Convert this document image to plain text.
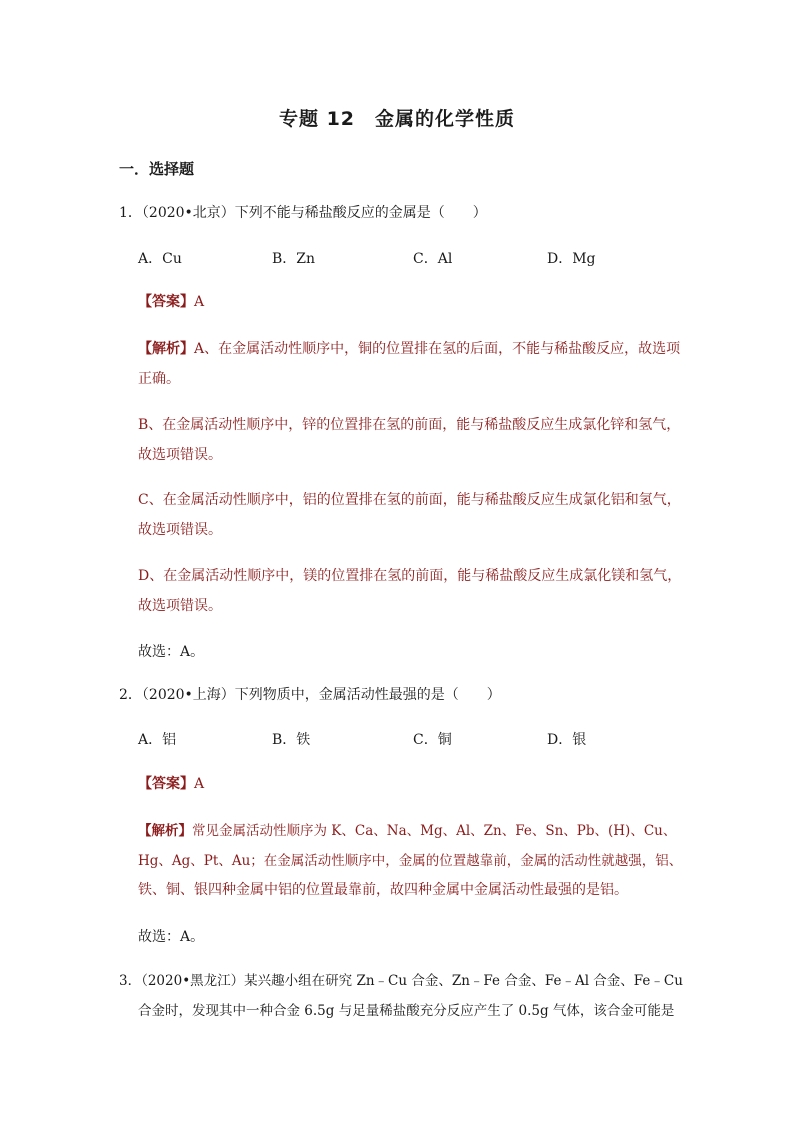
专题 12　金属的化学性质
一．选择题
1．（2020•北京）下列不能与稀盐酸反应的金属是（　　）
A．Cu	B．Zn	C．Al	D．Mg
【答案】A
【解析】A、在金属活动性顺序中，铜的位置排在氢的后面，不能与稀盐酸反应，故选项
正确。
B、在金属活动性顺序中，锌的位置排在氢的前面，能与稀盐酸反应生成氯化锌和氢气，
故选项错误。
C、在金属活动性顺序中，铝的位置排在氢的前面，能与稀盐酸反应生成氯化铝和氢气，
故选项错误。
D、在金属活动性顺序中，镁的位置排在氢的前面，能与稀盐酸反应生成氯化镁和氢气，
故选项错误。
故选：A。
2．（2020•上海）下列物质中，金属活动性最强的是（　　）
A．铝	B．铁	C．铜	D．银
【答案】A
【解析】常见金属活动性顺序为 K、Ca、Na、Mg、Al、Zn、Fe、Sn、Pb、(H)、Cu、
Hg、Ag、Pt、Au；在金属活动性顺序中，金属的位置越靠前，金属的活动性就越强，铝、
铁、铜、银四种金属中铝的位置最靠前，故四种金属中金属活动性最强的是铝。
故选：A。
3．（2020•黑龙江）某兴趣小组在研究 Zn﹣Cu 合金、Zn﹣Fe 合金、Fe﹣Al 合金、Fe﹣Cu
合金时，发现其中一种合金 6.5g 与足量稀盐酸充分反应产生了 0.5g 气体，该合金可能是
